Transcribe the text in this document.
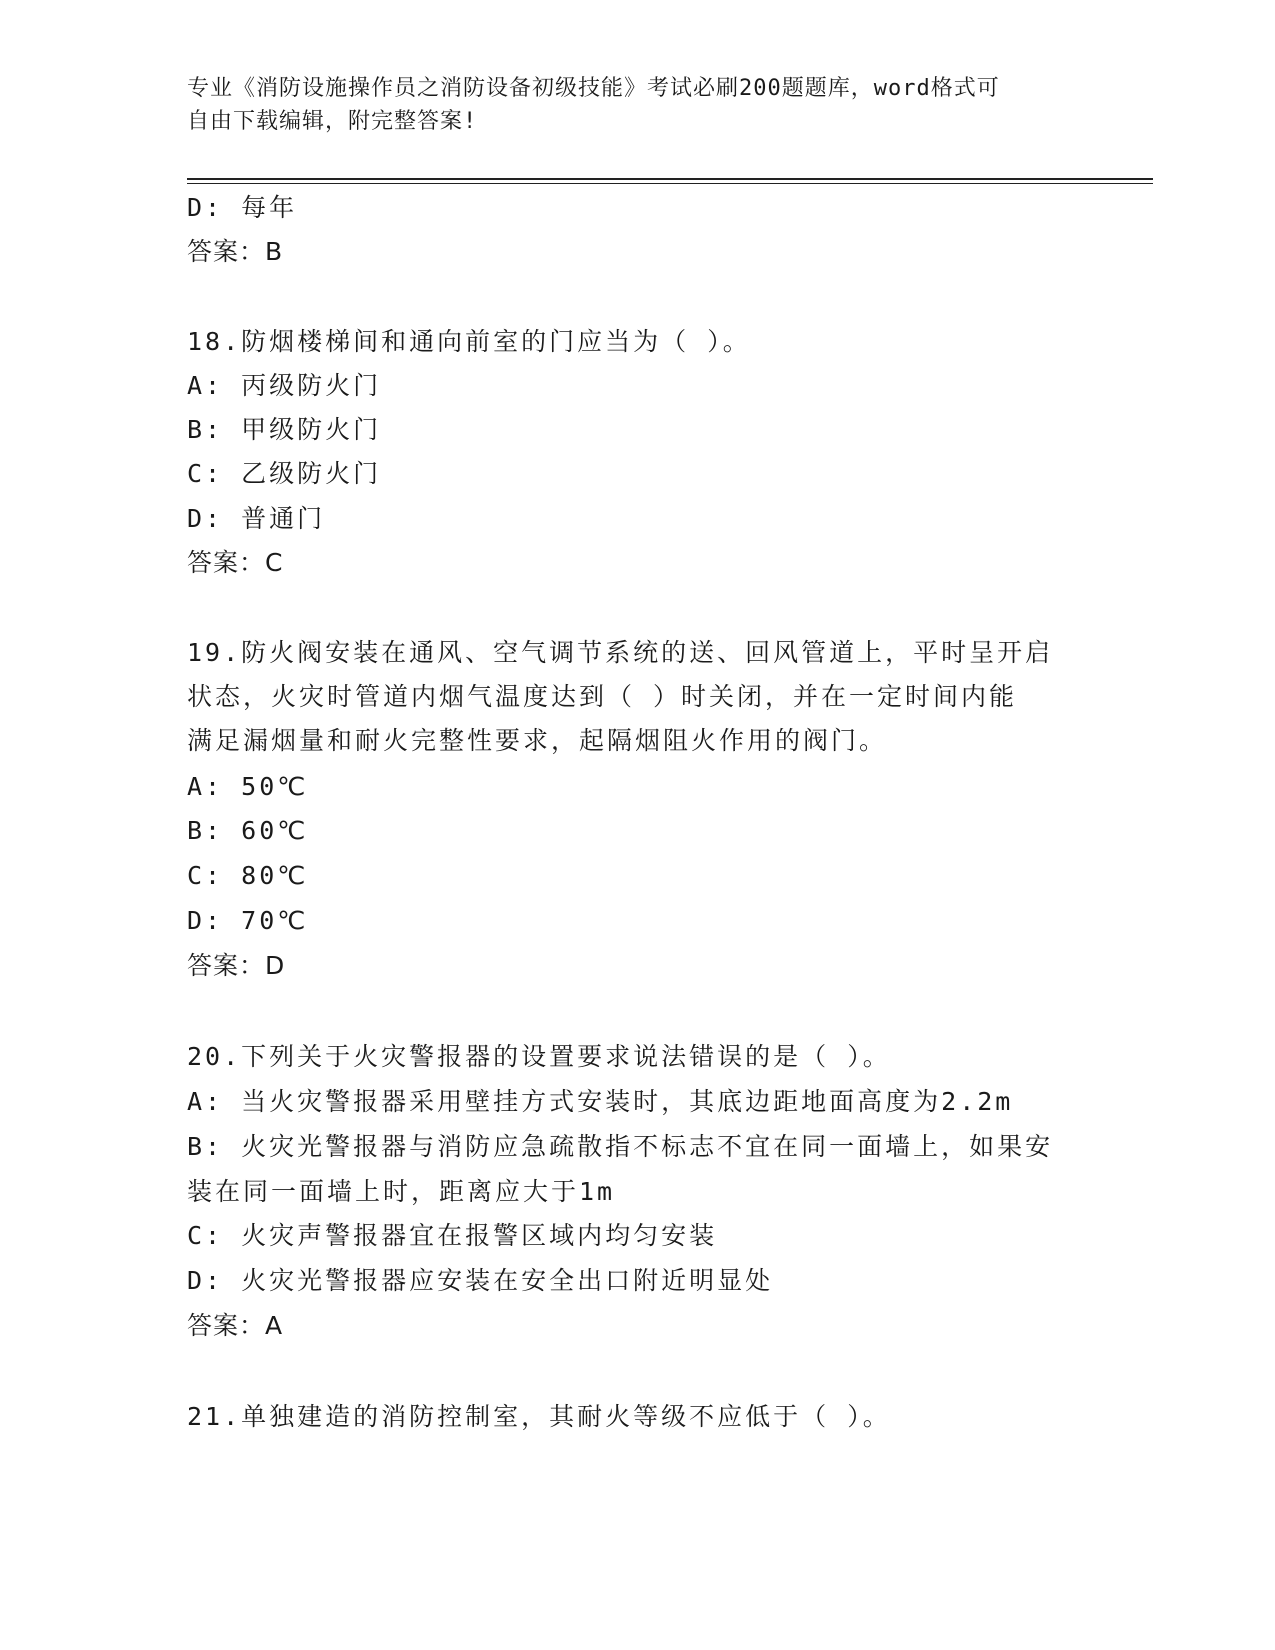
专业《消防设施操作员之消防设备初级技能》考试必刷200题题库，word格式可
自由下载编辑，附完整答案!
D: 每年
答案：B
18.防烟楼梯间和通向前室的门应当为（ ）。
A: 丙级防火门
B: 甲级防火门
C: 乙级防火门
D: 普通门
答案：C
19.防火阀安装在通风、空气调节系统的送、回风管道上，平时呈开启
状态，火灾时管道内烟气温度达到（ ）时关闭，并在一定时间内能
满足漏烟量和耐火完整性要求，起隔烟阻火作用的阀门。
A: 50℃
B: 60℃
C: 80℃
D: 70℃
答案：D
20.下列关于火灾警报器的设置要求说法错误的是（ ）。
A: 当火灾警报器采用壁挂方式安装时，其底边距地面高度为2.2m
B: 火灾光警报器与消防应急疏散指不标志不宜在同一面墙上，如果安
装在同一面墙上时，距离应大于1m
C: 火灾声警报器宜在报警区域内均匀安装
D: 火灾光警报器应安装在安全出口附近明显处
答案：A
21.单独建造的消防控制室，其耐火等级不应低于（ ）。
